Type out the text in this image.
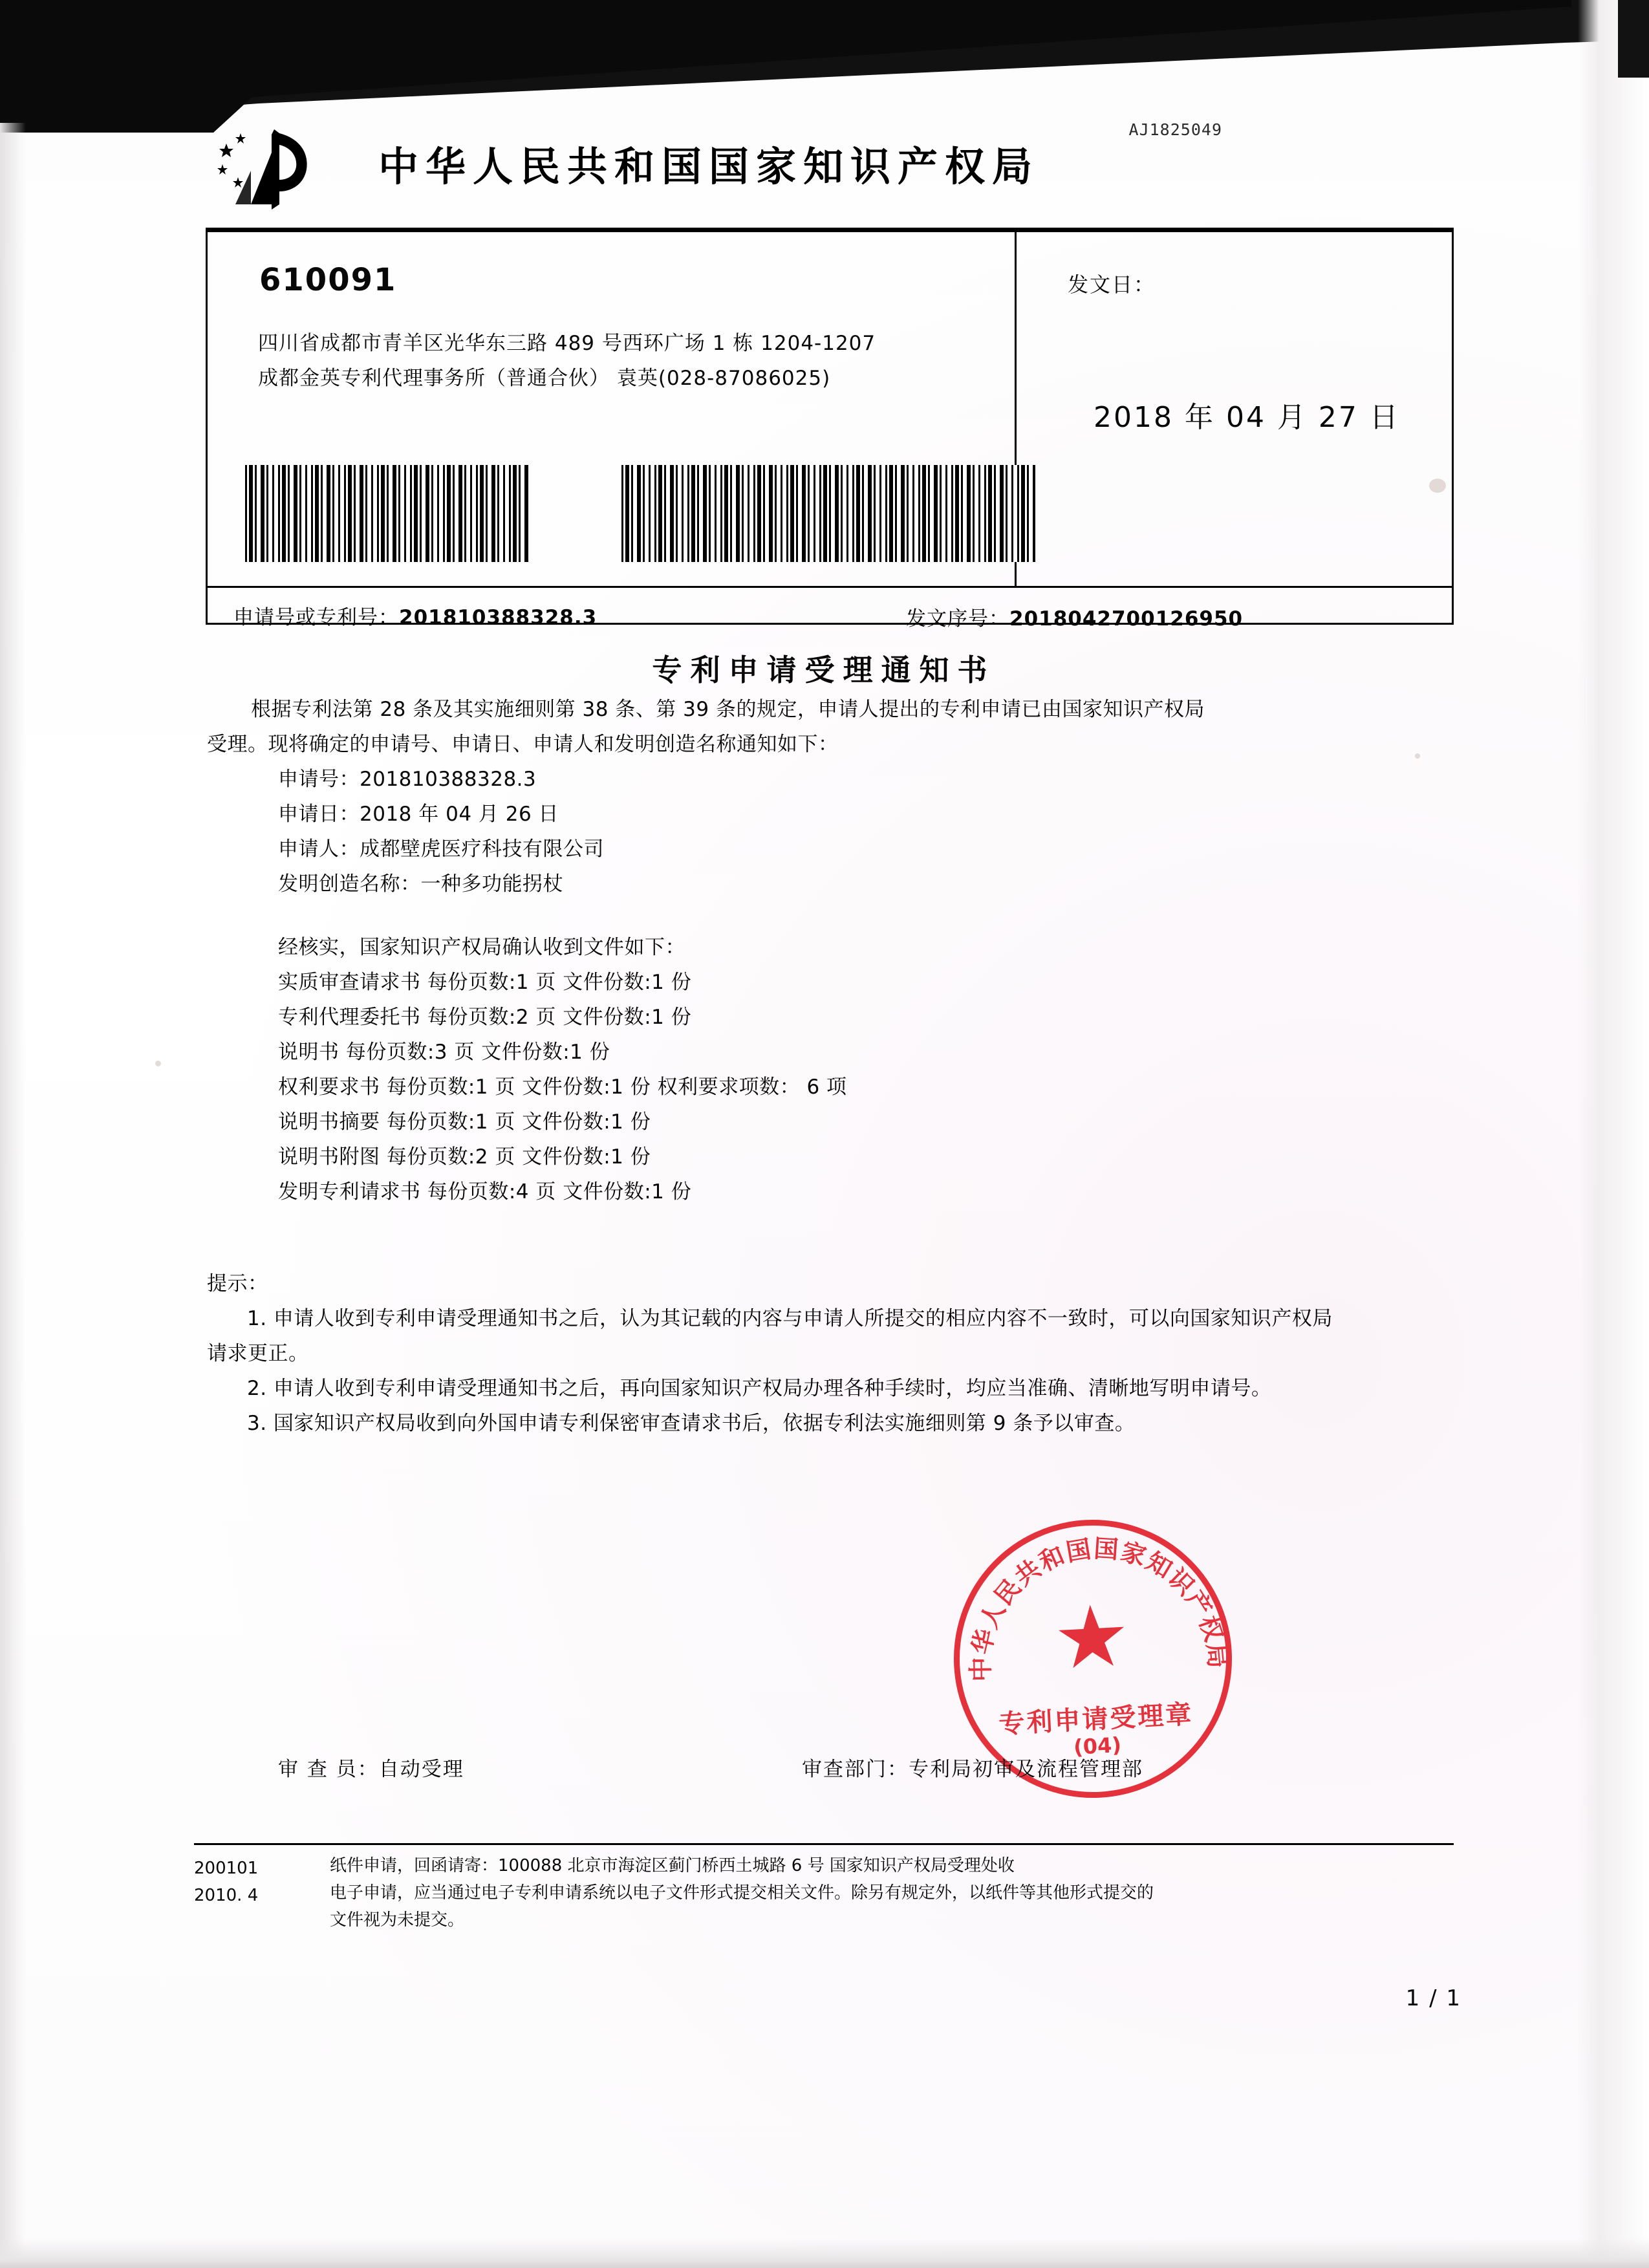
AJ1825049
中华人民共和国国家知识产权局
610091
四川省成都市青羊区光华东三路 489 号西环广场 1 栋 1204-1207
成都金英专利代理事务所（普通合伙） 袁英(028-87086025)
发文日：
2018 年 04 月 27 日
申请号或专利号：201810388328.3	发文序号：2018042700126950
专利申请受理通知书

根据专利法第 28 条及其实施细则第 38 条、第 39 条的规定，申请人提出的专利申请已由国家知识产权局

受理。现将确定的申请号、申请日、申请人和发明创造名称通知如下：

申请号：201810388328.3

申请日：2018 年 04 月 26 日

申请人：成都壁虎医疗科技有限公司

发明创造名称：一种多功能拐杖

经核实，国家知识产权局确认收到文件如下：

实质审查请求书 每份页数:1 页 文件份数:1 份

专利代理委托书 每份页数:2 页 文件份数:1 份

说明书 每份页数:3 页 文件份数:1 份

权利要求书 每份页数:1 页 文件份数:1 份 权利要求项数： 6 项

说明书摘要 每份页数:1 页 文件份数:1 份

说明书附图 每份页数:2 页 文件份数:1 份

发明专利请求书 每份页数:4 页 文件份数:1 份

提示：

1. 申请人收到专利申请受理通知书之后，认为其记载的内容与申请人所提交的相应内容不一致时，可以向国家知识产权局

请求更正。

2. 申请人收到专利申请受理通知书之后，再向国家知识产权局办理各种手续时，均应当准确、清晰地写明申请号。

3. 国家知识产权局收到向外国申请专利保密审查请求书后，依据专利法实施细则第 9 条予以审查。

中华人民共和国国家知识产权局
★
专利申请受理章
(04)
审 查 员：自动受理	审查部门：专利局初审及流程管理部
200101
2010. 4
纸件申请，回函请寄：100088 北京市海淀区蓟门桥西土城路 6 号 国家知识产权局受理处收
电子申请，应当通过电子专利申请系统以电子文件形式提交相关文件。除另有规定外，以纸件等其他形式提交的
文件视为未提交。
1 / 1
